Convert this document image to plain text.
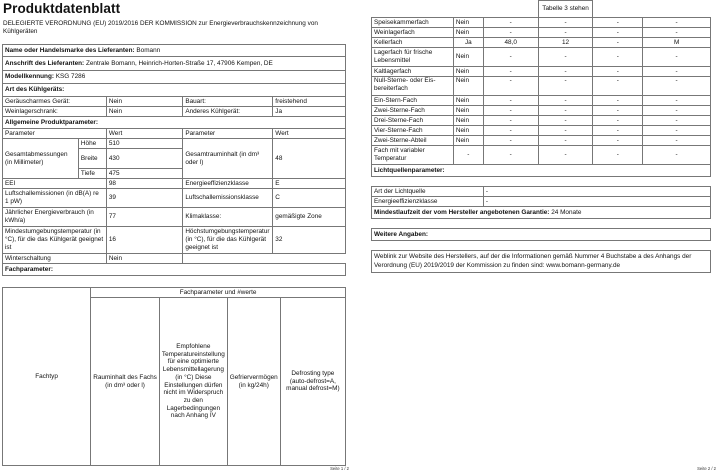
Produktdatenblatt
DELEGIERTE VERORDNUNG (EU) 2019/2016 DER KOMMISSION zur Energieverbrauchskennzeichnung von Kühlgeräten
Name oder Handelsmarke des Lieferanten: Bomann				
Anschrift des Lieferanten: Zentrale Bomann, Heinrich-Horten-Straße 17, 47906 Kempen, DE				
Modellkennung: KSG 7286				
Art des Kühlgeräts:				
Geräuscharmes Gerät:		Nein	Bauart:	freistehend
Weinlagerschrank:		Nein	Anderes Kühlgerät:	Ja
Allgemeine Produktparameter:				
Parameter		Wert	Parameter	Wert
Gesamtabmessungen (in Millimeter)	Höhe	510	Gesamtrauminhalt (in dm³ oder l)	48
	Breite	430		
	Tiefe	475		
EEI		98	Energieeffizienzklasse	E
Luftschallemissionen (in dB(A) re 1 pW)		39	Luftschallemissionsklasse	C
Jährlicher Energieverbrauch (in kWh/a)		77	Klimaklasse:	gemäßigte Zone
Mindestumgebungstemperatur (in °C), für die das Kühlgerät geeignet ist		16	Höchstumgebungstemperatur (in °C), für die das Kühlgerät geeignet ist	32
Winterschaltung		Nein		
Fachparameter:				
Fachtyp	Fachparameter und #werte			
	Rauminhalt des Fachs (in dm³ oder l)	Empfohlene Temperatureinstellung für eine optimierte Lebensmittellagerung (in °C) Diese Einstellungen dürfen nicht im Widerspruch zu den Lagerbedingungen nach Anhang IV	Gefriervermögen (in kg/24h)	Defrosting type (auto-defrost=A, manual defrost=M)
Seite 1 / 2
			Tabelle 3 stehen		
Speisekammerfach	Nein	-	-	-	-
Weinlagerfach	Nein	-	-	-	-
Kellerfach	Ja	48,0	12	-	M
Lagerfach für frische Lebensmittel	Nein	-	-	-	-
Kaltlagerfach	Nein	-	-	-	-
Null-Sterne- oder Eis-bereiterfach	Nein	-	-	-	-
Ein-Stern-Fach	Nein	-	-	-	-
Zwei-Sterne-Fach	Nein	-	-	-	-
Drei-Sterne-Fach	Nein	-	-	-	-
Vier-Sterne-Fach	Nein	-	-	-	-
Zwei-Sterne-Abteil	Nein	-	-	-	-
Fach mit variabler Temperatur	-	-	-	-	-
Lichtquellenparameter:					

Art der Lichtquelle		-			
Energieeffizienzklasse		-			
Mindestlaufzeit der vom Hersteller angebotenen Garantie: 24 Monate					

Weitere Angaben:					

Weblink zur Website des Herstellers, auf der die Informationen gemäß Nummer 4 Buchstabe a des Anhangs der Verordnung (EU) 2019/2019 der Kommission zu finden sind: www.bomann-germany.de					
Seite 2 / 2
